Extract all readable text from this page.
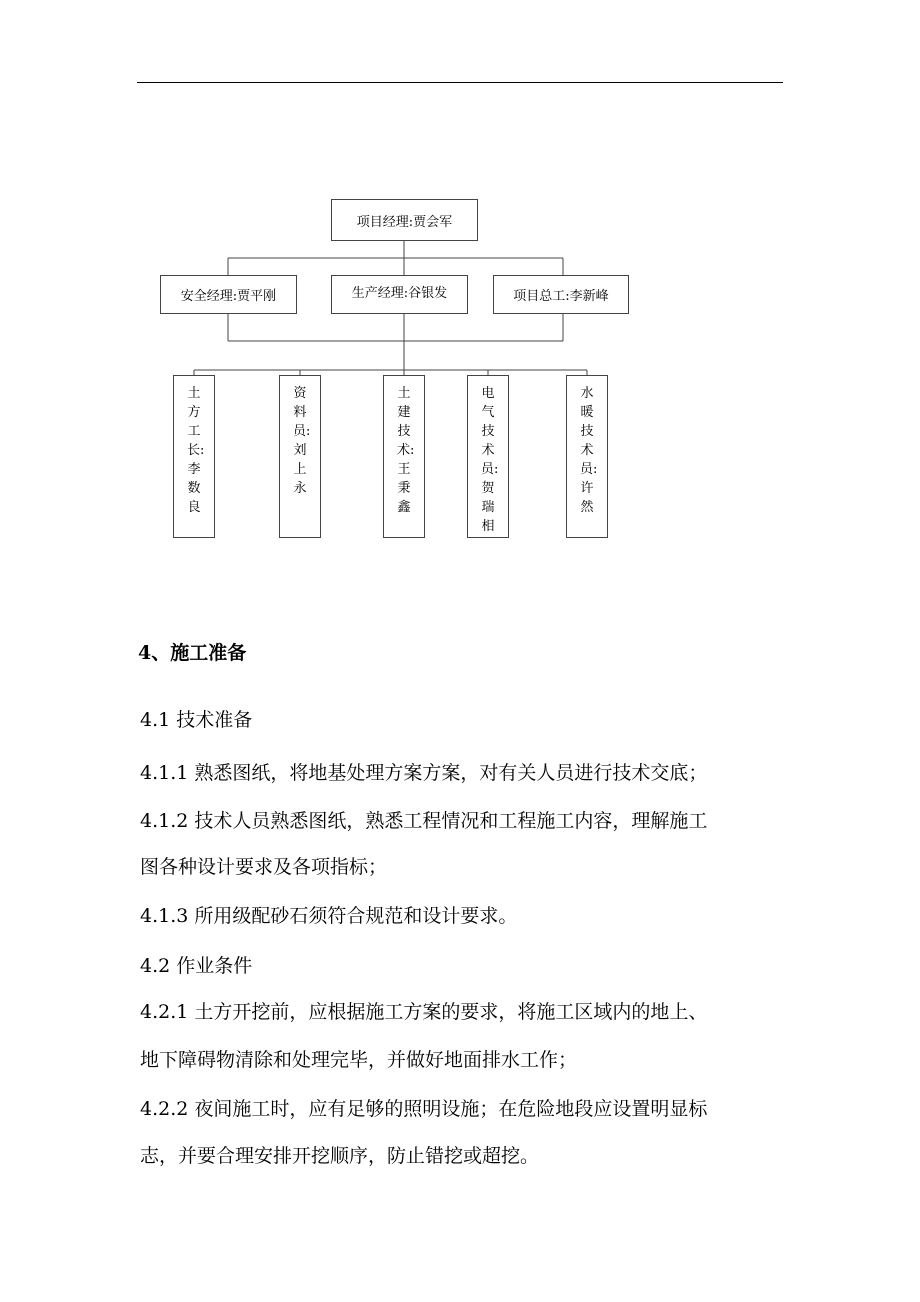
项目经理:贾会军
安全经理:贾平刚	生产经理:谷银发	项目总工:李新峰
土方工长:李数良
资料员:刘上永
土建技术:王秉鑫
电气技术员:贺瑞相
水暖技术员:许然
4、施工准备
4.1 技术准备
4.1.1 熟悉图纸，将地基处理方案方案，对有关人员进行技术交底；
4.1.2 技术人员熟悉图纸，熟悉工程情况和工程施工内容，理解施工
图各种设计要求及各项指标；
4.1.3 所用级配砂石须符合规范和设计要求。
4.2 作业条件
4.2.1 土方开挖前，应根据施工方案的要求，将施工区域内的地上、
地下障碍物清除和处理完毕，并做好地面排水工作；
4.2.2 夜间施工时，应有足够的照明设施；在危险地段应设置明显标
志，并要合理安排开挖顺序，防止错挖或超挖。
